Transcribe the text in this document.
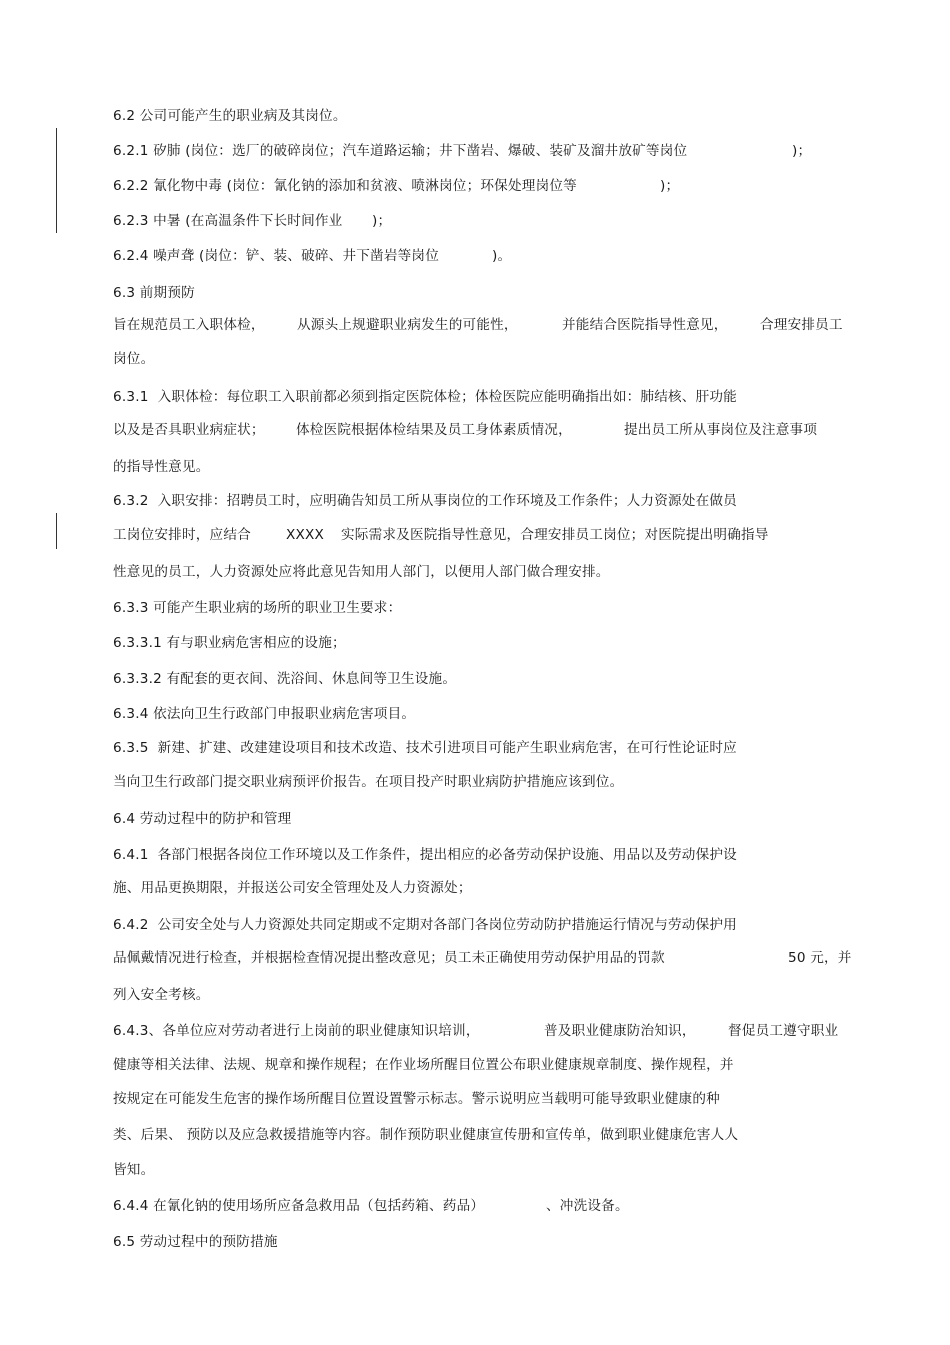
6.2 公司可能产生的职业病及其岗位。

6.2.1 矽肺 (岗位：选厂的破碎岗位；汽车道路运输；井下凿岩、爆破、装矿及溜井放矿等岗位

	)；

6.2.2 氰化物中毒 (岗位：氰化钠的添加和贫液、喷淋岗位；环保处理岗位等

	)；

6.2.3 中暑 (在高温条件下长时间作业

)；

6.2.4 噪声聋 (岗位：铲、装、破碎、井下凿岩等岗位

	)。

6.3 前期预防

旨在规范员工入职体检，

从源头上规避职业病发生的可能性，

	并能结合医院指导性意见，

合理安排员工

岗位。
6.3.1  入职体检：每位职工入职前都必须到指定医院体检；体检医院应能明确指出如：肺结核、肝功能

以及是否具职业病症状；

体检医院根据体检结果及员工身体素质情况，

	提出员工所从事岗位及注意事项

的指导性意见。
6.3.2  入职安排：招聘员工时，应明确告知员工所从事岗位的工作环境及工作条件；人力资源处在做员

工岗位安排时，应结合

	XXXX

实际需求及医院指导性意见，合理安排员工岗位；对医院提出明确指导

性意见的员工，人力资源处应将此意见告知用人部门，以便用人部门做合理安排。
6.3.3 可能产生职业病的场所的职业卫生要求：
6.3.3.1 有与职业病危害相应的设施；
6.3.3.2 有配套的更衣间、洗浴间、休息间等卫生设施。
6.3.4 依法向卫生行政部门申报职业病危害项目。
6.3.5  新建、扩建、改建建设项目和技术改造、技术引进项目可能产生职业病危害，在可行性论证时应
当向卫生行政部门提交职业病预评价报告。在项目投产时职业病防护措施应该到位。
6.4 劳动过程中的防护和管理
6.4.1  各部门根据各岗位工作环境以及工作条件，提出相应的必备劳动保护设施、用品以及劳动保护设
施、用品更换期限，并报送公司安全管理处及人力资源处；
6.4.2  公司安全处与人力资源处共同定期或不定期对各部门各岗位劳动防护措施运行情况与劳动保护用

品佩戴情况进行检查，并根据检查情况提出整改意见；员工未正确使用劳动保护用品的罚款

	50 元，并

列入安全考核。

6.4.3、各单位应对劳动者进行上岗前的职业健康知识培训，

	普及职业健康防治知识，

督促员工遵守职业

健康等相关法律、法规、规章和操作规程；在作业场所醒目位置公布职业健康规章制度、操作规程，并
按规定在可能发生危害的操作场所醒目位置设置警示标志。警示说明应当载明可能导致职业健康的种
类、后果、 预防以及应急救援措施等内容。制作预防职业健康宣传册和宣传单，做到职业健康危害人人
皆知。

6.4.4 在氰化钠的使用场所应备急救用品（包括药箱、药品）

	、冲洗设备。

6.5 劳动过程中的预防措施
